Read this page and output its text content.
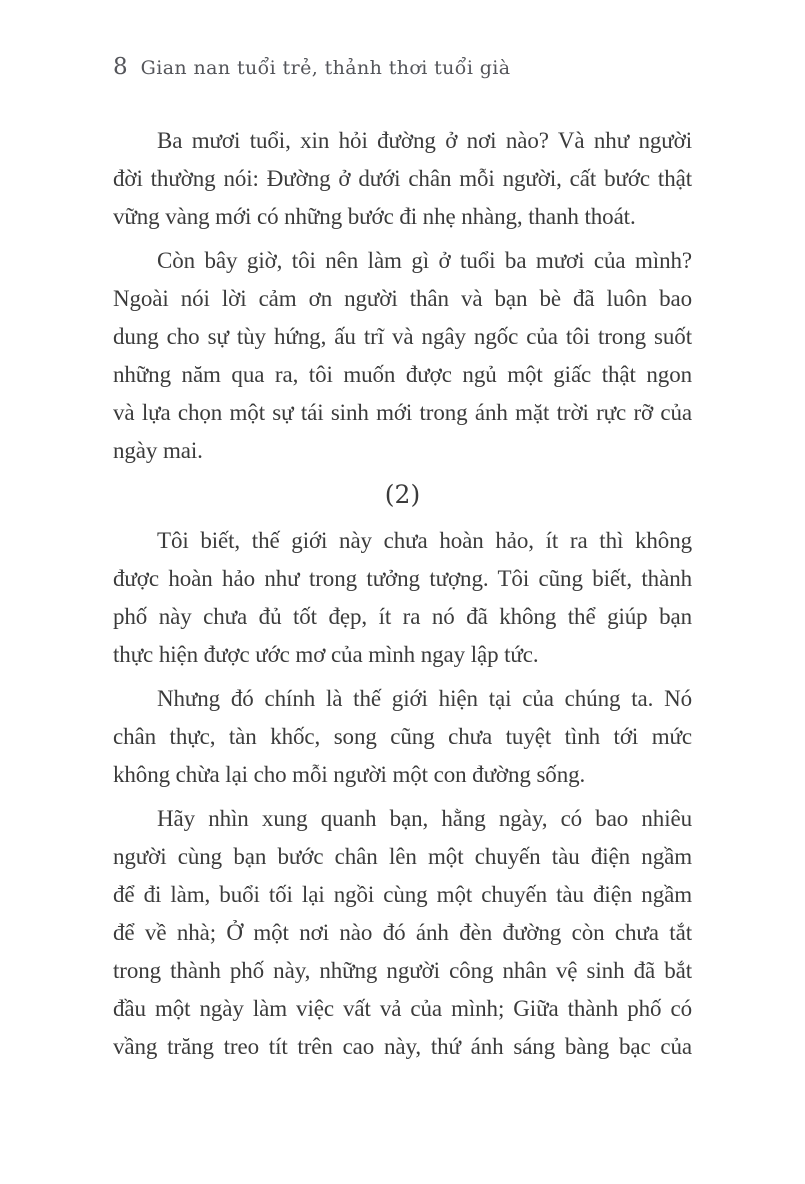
8 Gian nan tuổi trẻ, thảnh thơi tuổi già
Ba mươi tuổi, xin hỏi đường ở nơi nào? Và như người
đời thường nói: Đường ở dưới chân mỗi người, cất bước thật
vững vàng mới có những bước đi nhẹ nhàng, thanh thoát.
Còn bây giờ, tôi nên làm gì ở tuổi ba mươi của mình?
Ngoài nói lời cảm ơn người thân và bạn bè đã luôn bao
dung cho sự tùy hứng, ấu trĩ và ngây ngốc của tôi trong suốt
những năm qua ra, tôi muốn được ngủ một giấc thật ngon
và lựa chọn một sự tái sinh mới trong ánh mặt trời rực rỡ của
ngày mai.
(2)
Tôi biết, thế giới này chưa hoàn hảo, ít ra thì không
được hoàn hảo như trong tưởng tượng. Tôi cũng biết, thành
phố này chưa đủ tốt đẹp, ít ra nó đã không thể giúp bạn
thực hiện được ước mơ của mình ngay lập tức.
Nhưng đó chính là thế giới hiện tại của chúng ta. Nó
chân thực, tàn khốc, song cũng chưa tuyệt tình tới mức
không chừa lại cho mỗi người một con đường sống.
Hãy nhìn xung quanh bạn, hằng ngày, có bao nhiêu
người cùng bạn bước chân lên một chuyến tàu điện ngầm
để đi làm, buổi tối lại ngồi cùng một chuyến tàu điện ngầm
để về nhà; Ở một nơi nào đó ánh đèn đường còn chưa tắt
trong thành phố này, những người công nhân vệ sinh đã bắt
đầu một ngày làm việc vất vả của mình; Giữa thành phố có
vầng trăng treo tít trên cao này, thứ ánh sáng bàng bạc của
